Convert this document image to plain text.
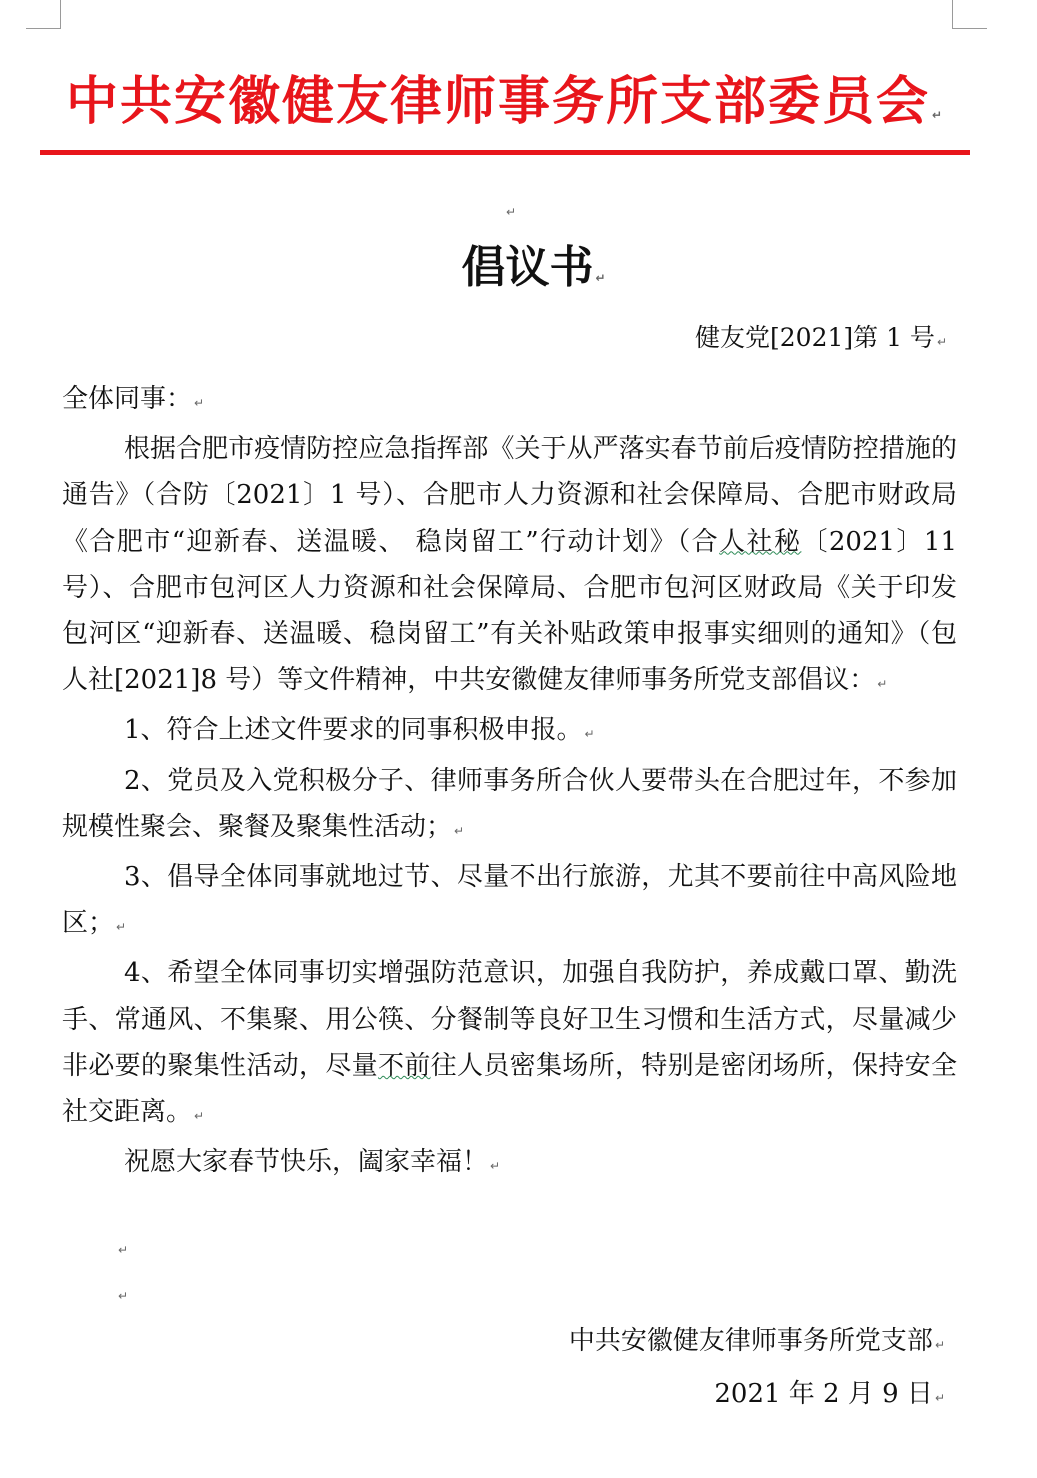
中共安徽健友律师事务所支部委员会 ↵
↵
倡议书 ↵
健友党[2021]第 1 号 ↵

全体同事： ↵

根据合肥市疫情防控应急指挥部《关于从严落实春节前后疫情防控措施的通告》（合防〔2021〕1 号）、合肥市人力资源和社会保障局、合肥市财政局《合肥市“迎新春、送温暖、 稳岗留工”行动计划》（合人社秘〔2021〕11 号）、合肥市包河区人力资源和社会保障局、合肥市包河区财政局《关于印发包河区“迎新春、送温暖、稳岗留工”有关补贴政策申报事实细则的通知》（包人社[2021]8 号）等文件精神，中共安徽健友律师事务所党支部倡议： ↵

1、符合上述文件要求的同事积极申报。 ↵

2、党员及入党积极分子、律师事务所合伙人要带头在合肥过年，不参加规模性聚会、聚餐及聚集性活动； ↵

3、倡导全体同事就地过节、尽量不出行旅游，尤其不要前往中高风险地区； ↵

4、希望全体同事切实增强防范意识，加强自我防护，养成戴口罩、勤洗手、常通风、不集聚、用公筷、分餐制等良好卫生习惯和生活方式，尽量减少非必要的聚集性活动，尽量不前往人员密集场所，特别是密闭场所，保持安全社交距离。 ↵

祝愿大家春节快乐，阖家幸福！ ↵

↵
↵
中共安徽健友律师事务所党支部 ↵
2021 年 2 月 9 日 ↵
